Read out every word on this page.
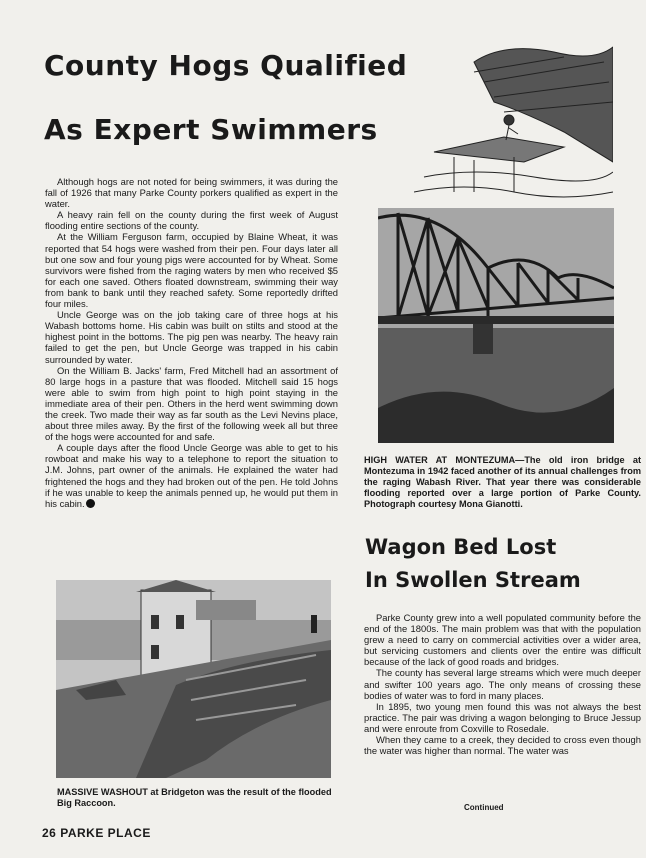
County Hogs Qualified
As Expert Swimmers

Although hogs are not noted for being swimmers, it was during the fall of 1926 that many Parke County porkers qualified as expert in the water.

A heavy rain fell on the county during the first week of August flooding entire sections of the county.

At the William Ferguson farm, occupied by Blaine Wheat, it was reported that 54 hogs were washed from their pen. Four days later all but one sow and four young pigs were accounted for by Wheat. Some survivors were fished from the raging waters by men who received $5 for each one saved. Others floated downstream, swimming their way from bank to bank until they reached safety. Some reportedly drifted four miles.

Uncle George was on the job taking care of three hogs at his Wabash bottoms home. His cabin was built on stilts and stood at the highest point in the bottoms. The pig pen was nearby. The heavy rain failed to get the pen, but Uncle George was trapped in his cabin surrounded by water.

On the William B. Jacks' farm, Fred Mitchell had an assortment of 80 large hogs in a pasture that was flooded. Mitchell said 15 hogs were able to swim from high point to high point staying in the immediate area of their pen. Others in the herd went swimming down the creek. Two made their way as far south as the Levi Nevins place, about three miles away. By the first of the following week all but three of the hogs were accounted for and safe.

A couple days after the flood Uncle George was able to get to his rowboat and make his way to a telephone to report the situation to J.M. Johns, part owner of the animals. He explained the water had frightened the hogs and they had broken out of the pen. He told Johns if he was unable to keep the animals penned up, he would put them in his cabin.

HIGH WATER AT MONTEZUMA—The old iron bridge at Montezuma in 1942 faced another of its annual challenges from the raging Wabash River. That year there was considerable flooding reported over a large portion of Parke County. Photograph courtesy Mona Gianotti.

Wagon Bed Lost
In Swollen Stream

Parke County grew into a well populated community before the end of the 1800s. The main problem was that with the population grew a need to carry on commercial activities over a wider area, but servicing customers and clients over the entire was difficult because of the lack of good roads and bridges.

The county has several large streams which were much deeper and swifter 100 years ago. The only means of crossing these bodies of water was to ford in many places.

In 1895, two young men found this was not always the best practice. The pair was driving a wagon belonging to Bruce Jessup and were enroute from Coxville to Rosedale.

When they came to a creek, they decided to cross even though the water was higher than normal. The water was

Continued

MASSIVE WASHOUT at Bridgeton was the result of the flooded Big Raccoon.

26 PARKE PLACE
